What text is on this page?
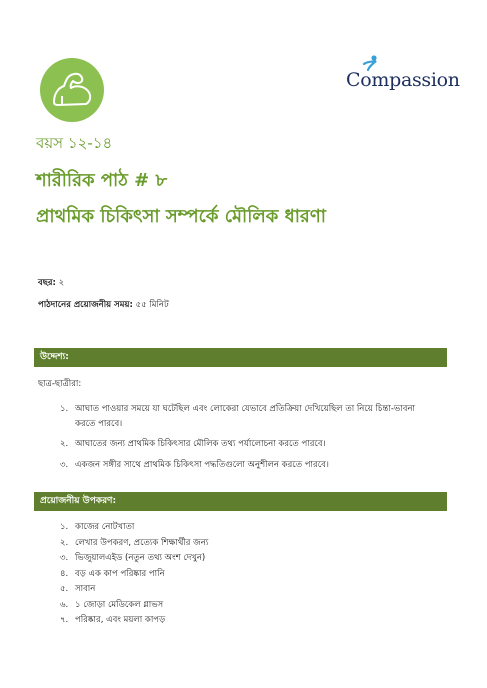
Compassion
বয়স ১২-১৪
শারীরিক পাঠ # ৮
প্রাথমিক চিকিৎসা সম্পর্কে মৌলিক ধারণা
বছর: ২
পাঠদানের প্রয়োজনীয় সময়: ৫৫ মিনিট
উদ্দেশ্য:
ছাত্র-ছাত্রীরা:
১. আঘাত পাওয়ার সময়ে যা ঘটেছিল এবং লোকেরা যেভাবে প্রতিক্রিয়া দেখিয়েছিল তা নিয়ে চিন্তা-ভাবনা করতে পারবে।
২. আঘাতের জন্য প্রাথমিক চিকিৎসার মৌলিক তথ্য পর্যালোচনা করতে পারবে।
৩. একজন সঙ্গীর সাথে প্রাথমিক চিকিৎসা পদ্ধতিগুলো অনুশীলন করতে পারবে।
প্রয়োজনীয় উপকরণ:
১. কাজের নোটখাতা
২. লেখার উপকরণ, প্রত্যেক শিক্ষার্থীর জন্য
৩. ভিজুয়ালএইড (নতুন তথ্য অংশ দেখুন)
৪. বড় এক কাপ পরিষ্কার পানি
৫. সাবান
৬. ১ জোড়া মেডিকেল গ্লাভস
৭. পরিষ্কার, এবং ময়লা কাপড়
